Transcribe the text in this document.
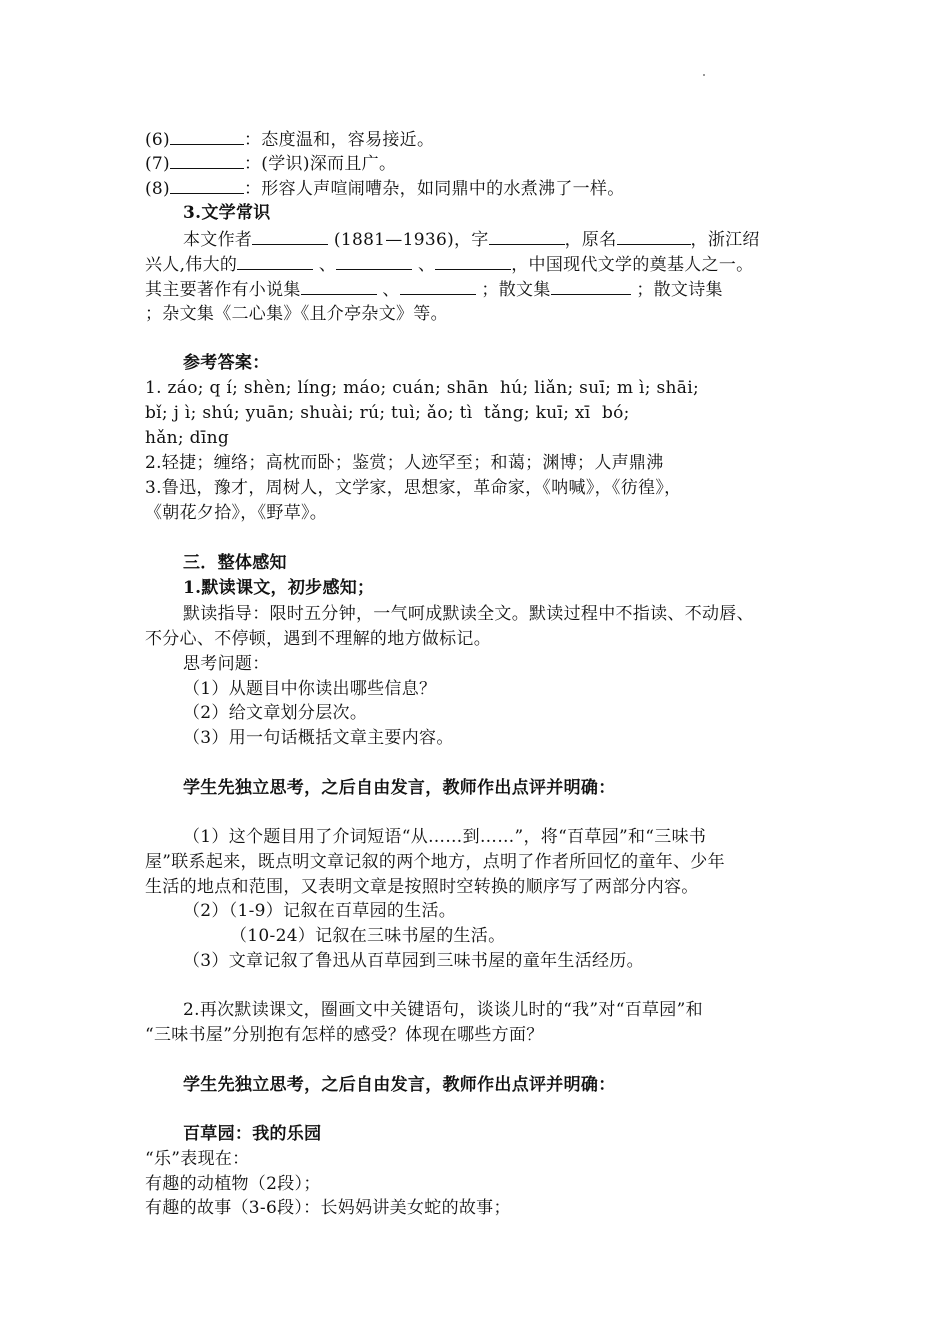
(6)	：态度温和，容易接近。
(7)	：(学识)深而且广。
(8)	：形容人声喧闹嘈杂，如同鼎中的水煮沸了一样。
3.文学常识
本文作者	(1881—1936)，字	，原名	，浙江绍
兴人,伟大的	、	、	，中国现代文学的奠基人之一。
其主要著作有小说集	、	；散文集	；散文诗集
；杂文集《二心集》《且介亭杂文》等。
参考答案：
1. záo; q í; shèn; líng; máo; cuán; shān  hú; liǎn; suī; m ì; shāi;
bǐ; j ì; shú; yuān; shuài; rú; tuì; ǎo; tì  tǎng; kuī; xī  bó;
hǎn; dīng
2.轻捷；缠络；高枕而卧；鉴赏；人迹罕至；和蔼；渊博；人声鼎沸
3.鲁迅，豫才，周树人，文学家，思想家，革命家，《呐喊》，《彷徨》，
《朝花夕拾》，《野草》。
三．整体感知
1.默读课文，初步感知；
默读指导：限时五分钟，一气呵成默读全文。默读过程中不指读、不动唇、
不分心、不停顿，遇到不理解的地方做标记。
思考问题：
（1）从题目中你读出哪些信息？
（2）给文章划分层次。
（3）用一句话概括文章主要内容。
学生先独立思考，之后自由发言，教师作出点评并明确：
（1）这个题目用了介词短语“从……到……”，将“百草园”和“三味书
屋”联系起来，既点明文章记叙的两个地方，点明了作者所回忆的童年、少年
生活的地点和范围，又表明文章是按照时空转换的顺序写了两部分内容。
（2）（1-9）记叙在百草园的生活。
（10-24）记叙在三味书屋的生活。
（3）文章记叙了鲁迅从百草园到三味书屋的童年生活经历。
2.再次默读课文，圈画文中关键语句，谈谈儿时的“我”对“百草园”和
“三味书屋”分别抱有怎样的感受？体现在哪些方面？
学生先独立思考，之后自由发言，教师作出点评并明确：
百草园：我的乐园
“乐”表现在：
有趣的动植物（2段）；
有趣的故事（3-6段）：长妈妈讲美女蛇的故事；
